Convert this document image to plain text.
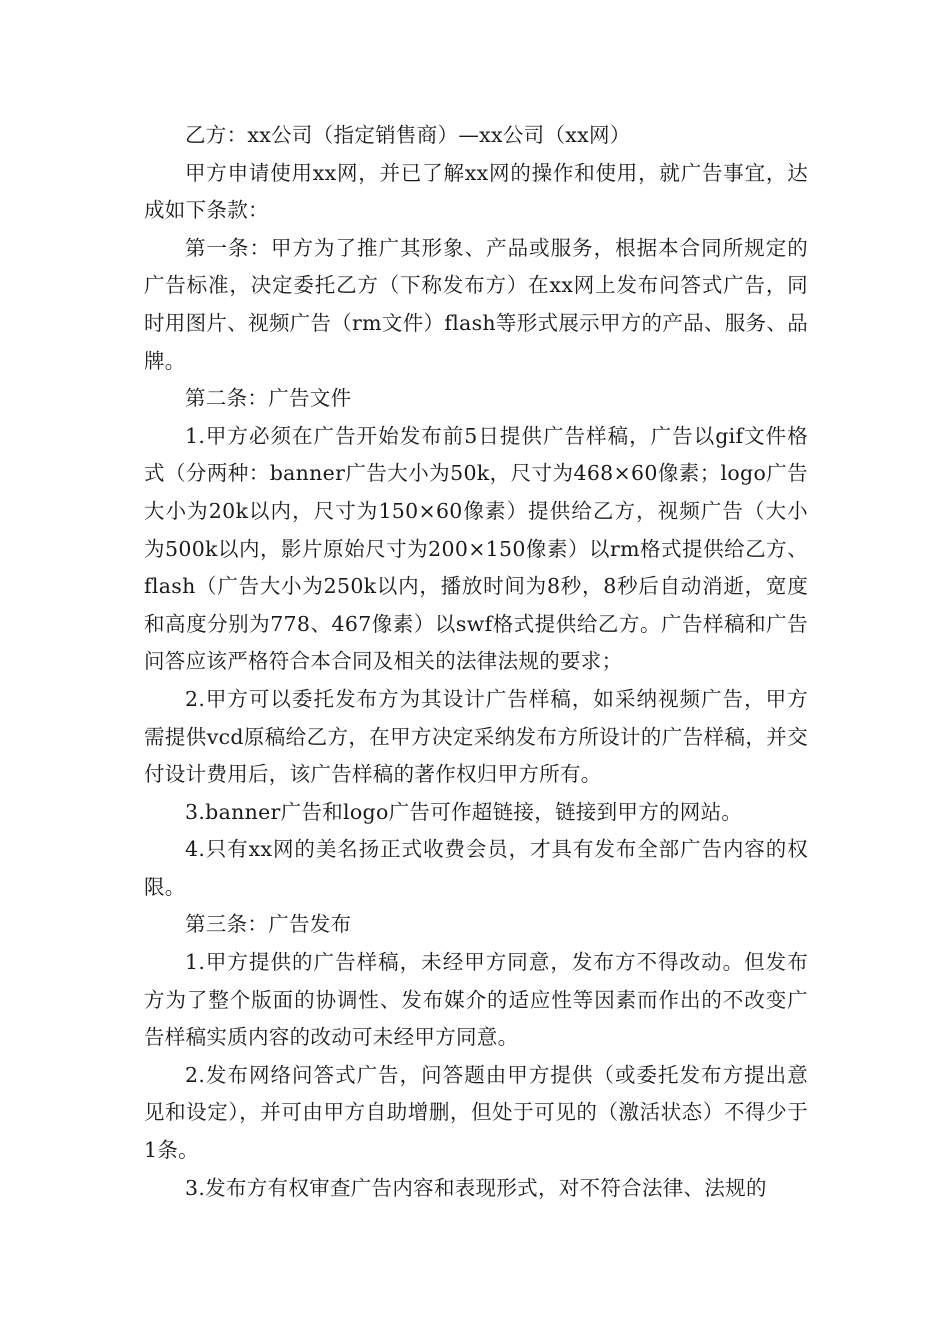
乙方：xx公司（指定销售商）—xx公司（xx网）

甲方申请使用xx网，并已了解xx网的操作和使用，就广告事宜，达成如下条款：

第一条：甲方为了推广其形象、产品或服务，根据本合同所规定的广告标准，决定委托乙方（下称发布方）在xx网上发布问答式广告，同时用图片、视频广告（rm文件）flash等形式展示甲方的产品、服务、品牌。

第二条：广告文件

1.甲方必须在广告开始发布前5日提供广告样稿，广告以gif文件格式（分两种：banner广告大小为50k，尺寸为468×60像素；logo广告大小为20k以内，尺寸为150×60像素）提供给乙方，视频广告（大小为500k以内，影片原始尺寸为200×150像素）以rm格式提供给乙方、flash（广告大小为250k以内，播放时间为8秒，8秒后自动消逝，宽度和高度分别为778、467像素）以swf格式提供给乙方。广告样稿和广告问答应该严格符合本合同及相关的法律法规的要求；

2.甲方可以委托发布方为其设计广告样稿，如采纳视频广告，甲方需提供vcd原稿给乙方，在甲方决定采纳发布方所设计的广告样稿，并交付设计费用后，该广告样稿的著作权归甲方所有。

3.banner广告和logo广告可作超链接，链接到甲方的网站。

4.只有xx网的美名扬正式收费会员，才具有发布全部广告内容的权限。

第三条：广告发布

1.甲方提供的广告样稿，未经甲方同意，发布方不得改动。但发布方为了整个版面的协调性、发布媒介的适应性等因素而作出的不改变广告样稿实质内容的改动可未经甲方同意。

2.发布网络问答式广告，问答题由甲方提供（或委托发布方提出意见和设定），并可由甲方自助增删，但处于可见的（激活状态）不得少于1条。

3.发布方有权审查广告内容和表现形式，对不符合法律、法规的
